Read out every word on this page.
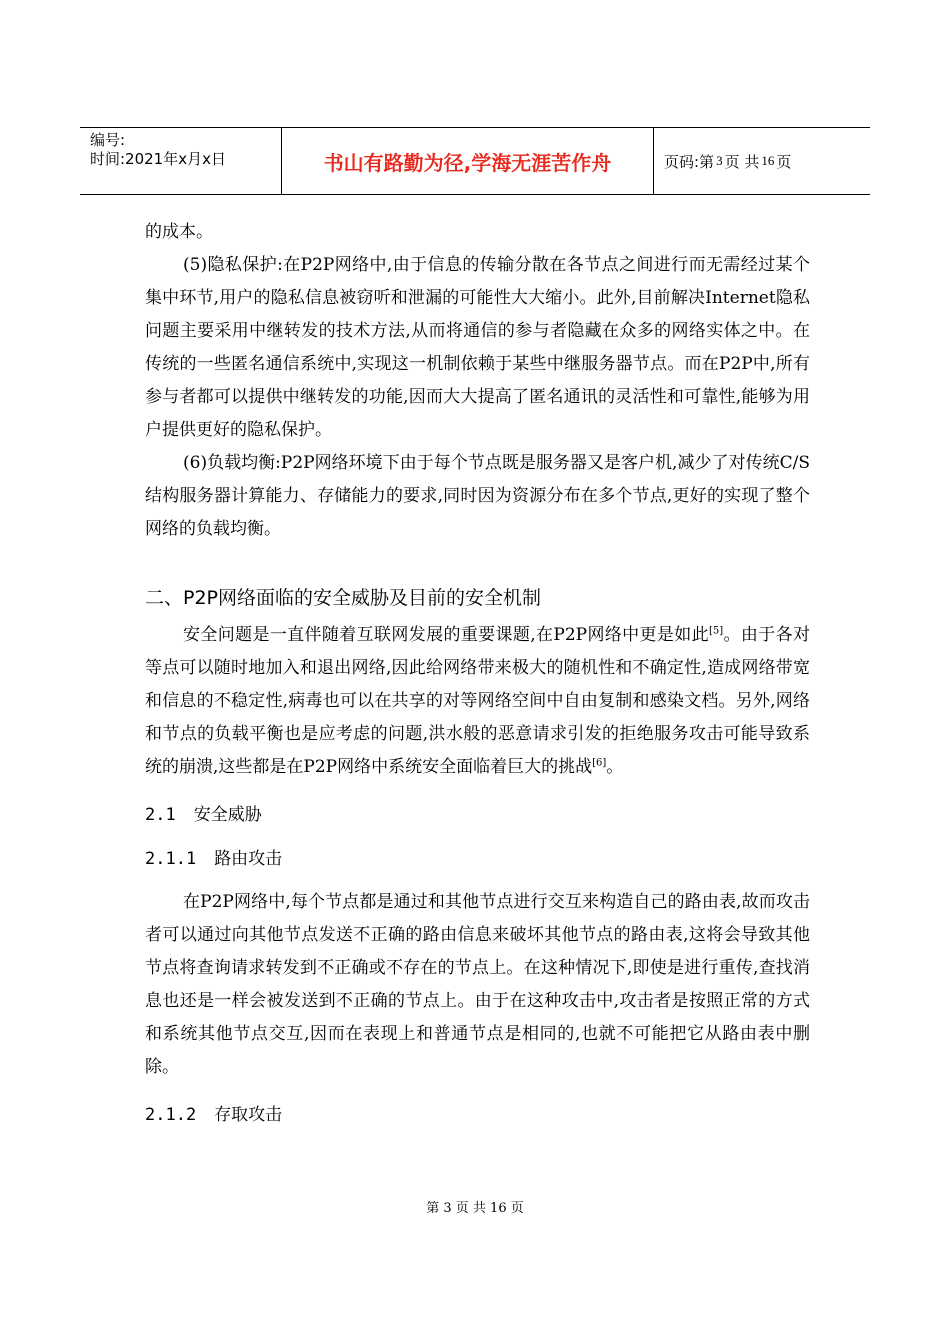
编号:
时间:2021年x月x日	书山有路勤为径,学海无涯苦作舟	页码:第 3 页 共 16 页

的成本。

(5)隐私保护:在P2P网络中,由于信息的传输分散在各节点之间进行而无需经过某个集中环节,用户的隐私信息被窃听和泄漏的可能性大大缩小。此外,目前解决Internet隐私问题主要采用中继转发的技术方法,从而将通信的参与者隐藏在众多的网络实体之中。在传统的一些匿名通信系统中,实现这一机制依赖于某些中继服务器节点。而在P2P中,所有参与者都可以提供中继转发的功能,因而大大提高了匿名通讯的灵活性和可靠性,能够为用户提供更好的隐私保护。

(6)负载均衡:P2P网络环境下由于每个节点既是服务器又是客户机,减少了对传统C/S结构服务器计算能力、存储能力的要求,同时因为资源分布在多个节点,更好的实现了整个网络的负载均衡。

二、P2P网络面临的安全威胁及目前的安全机制

安全问题是一直伴随着互联网发展的重要课题,在P2P网络中更是如此[5]。由于各对等点可以随时地加入和退出网络,因此给网络带来极大的随机性和不确定性,造成网络带宽和信息的不稳定性,病毒也可以在共享的对等网络空间中自由复制和感染文档。另外,网络和节点的负载平衡也是应考虑的问题,洪水般的恶意请求引发的拒绝服务攻击可能导致系统的崩溃,这些都是在P2P网络中系统安全面临着巨大的挑战[6]。

2.1 安全威胁
2.1.1 路由攻击

在P2P网络中,每个节点都是通过和其他节点进行交互来构造自己的路由表,故而攻击者可以通过向其他节点发送不正确的路由信息来破坏其他节点的路由表,这将会导致其他节点将查询请求转发到不正确或不存在的节点上。在这种情况下,即使是进行重传,查找消息也还是一样会被发送到不正确的节点上。由于在这种攻击中,攻击者是按照正常的方式和系统其他节点交互,因而在表现上和普通节点是相同的,也就不可能把它从路由表中删除。

2.1.2 存取攻击
第 3 页 共 16 页
